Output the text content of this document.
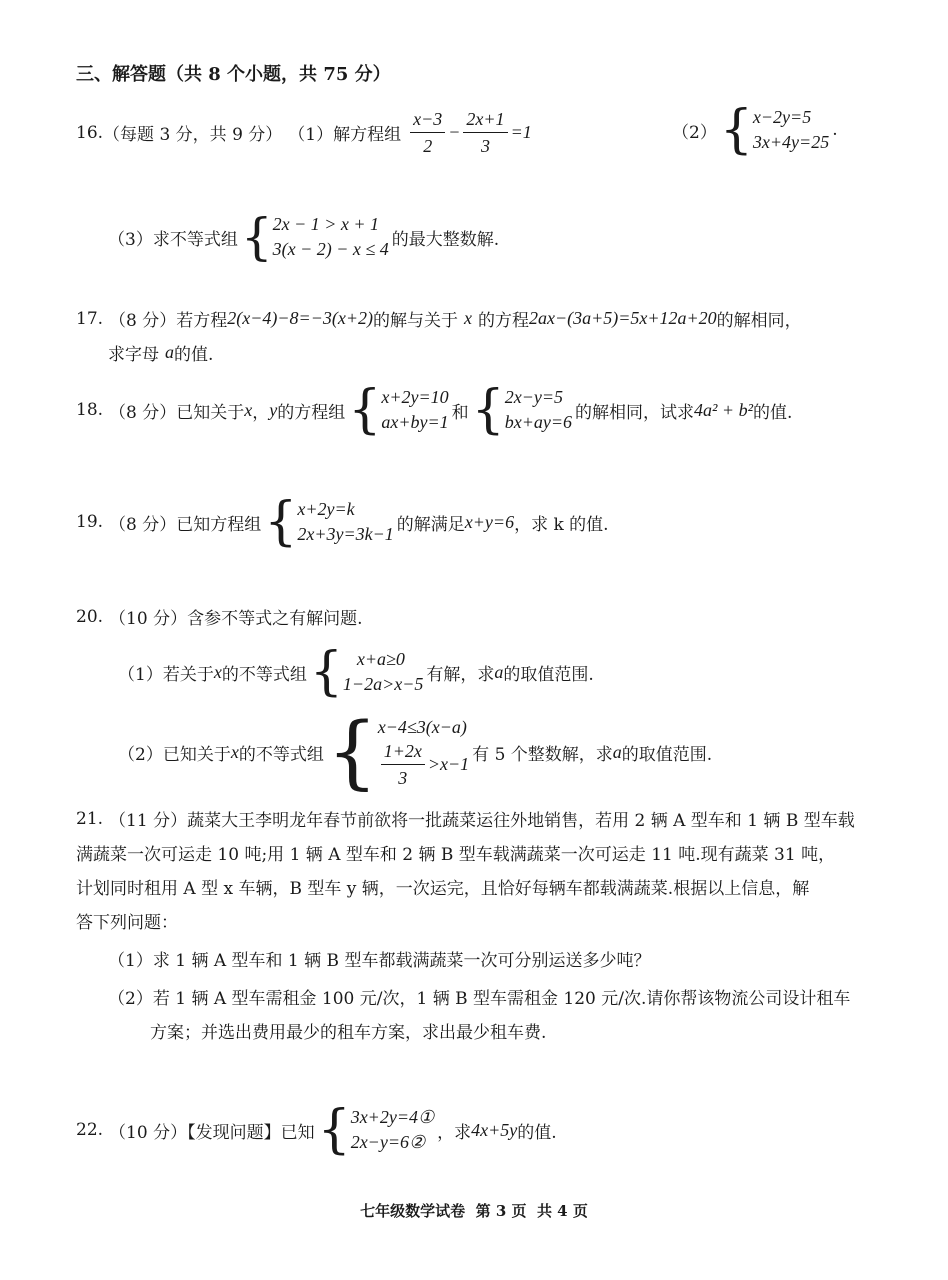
三、解答题（共 8 个小题，共 75 分）
16. （每题 3 分，共 9 分） （1）解方程组 $\frac{x-3}{2} - \frac{2x+1}{3} =1$	（2） { x−2y=5
3x+4y=25
.
（3）求不等式组 { 2x − 1 > x + 1
3(x − 2) − x ≤ 4 的最大整数解.
17. （8 分）若方程 2(x−4)−8=−3(x+2) 的解与关于 x 的方程 2ax−(3a+5)=5x+12a+20 的解相同，
求字母 a 的值.
18. （8 分）已知关于 x ， y 的方程组 { x+2y=10
ax+by=1 和 { 2x−y=5
bx+ay=6 的解相同，试求 4a² + b² 的值.
19. （8 分）已知方程组 { x+2y=k
2x+3y=3k−1 的解满足 x+y=6 ，求 k 的值.
20. （10 分）含参不等式之有解问题.
（1）若关于 x 的不等式组 { x+a≥0
1−2a>x−5 有解，求 a 的取值范围.
（2）已知关于 x 的不等式组 { x−4≤3(x−a)
$\frac{1+2x}{3} >x-1$ 有 5 个整数解，求 a 的取值范围.
21. （11 分）蔬菜大王李明龙年春节前欲将一批蔬菜运往外地销售，若用 2 辆 A 型车和 1 辆 B 型车载
满蔬菜一次可运走 10 吨;用 1 辆 A 型车和 2 辆 B 型车载满蔬菜一次可运走 11 吨.现有蔬菜 31 吨，
计划同时租用 A 型 x 车辆，B 型车 y 辆，一次运完，且恰好每辆车都载满蔬菜.根据以上信息，解
答下列问题：
（1）求 1 辆 A 型车和 1 辆 B 型车都载满蔬菜一次可分别运送多少吨？
（2）若 1 辆 A 型车需租金 100 元/次，1 辆 B 型车需租金 120 元/次.请你帮该物流公司设计租车
方案；并选出费用最少的租车方案，求出最少租车费.
22. （10 分）【发现问题】已知 { 3x+2y=4①
2x−y=6② ，求 4x+5y 的值.
七年级数学试卷  第 3 页  共 4 页
